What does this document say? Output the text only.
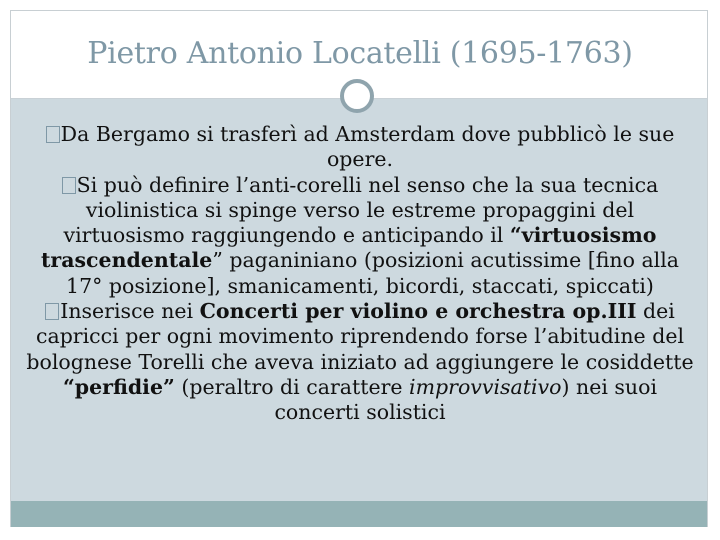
Pietro Antonio Locatelli (1695-1763)

Da Bergamo si trasferì ad Amsterdam dove pubblicò le sue opere.

Si può definire l’anti-corelli nel senso che la sua tecnica violinistica si spinge verso le estreme propaggini del virtuosismo raggiungendo e anticipando il “virtuosismo trascendentale” paganiniano (posizioni acutissime [fino alla 17° posizione], smanicamenti, bicordi, staccati, spiccati)

Inserisce nei Concerti per violino e orchestra op.III dei capricci per ogni movimento riprendendo forse l’abitudine del bolognese Torelli che aveva iniziato ad aggiungere le cosiddette “perfidie” (peraltro di carattere improvvisativo) nei suoi concerti solistici
